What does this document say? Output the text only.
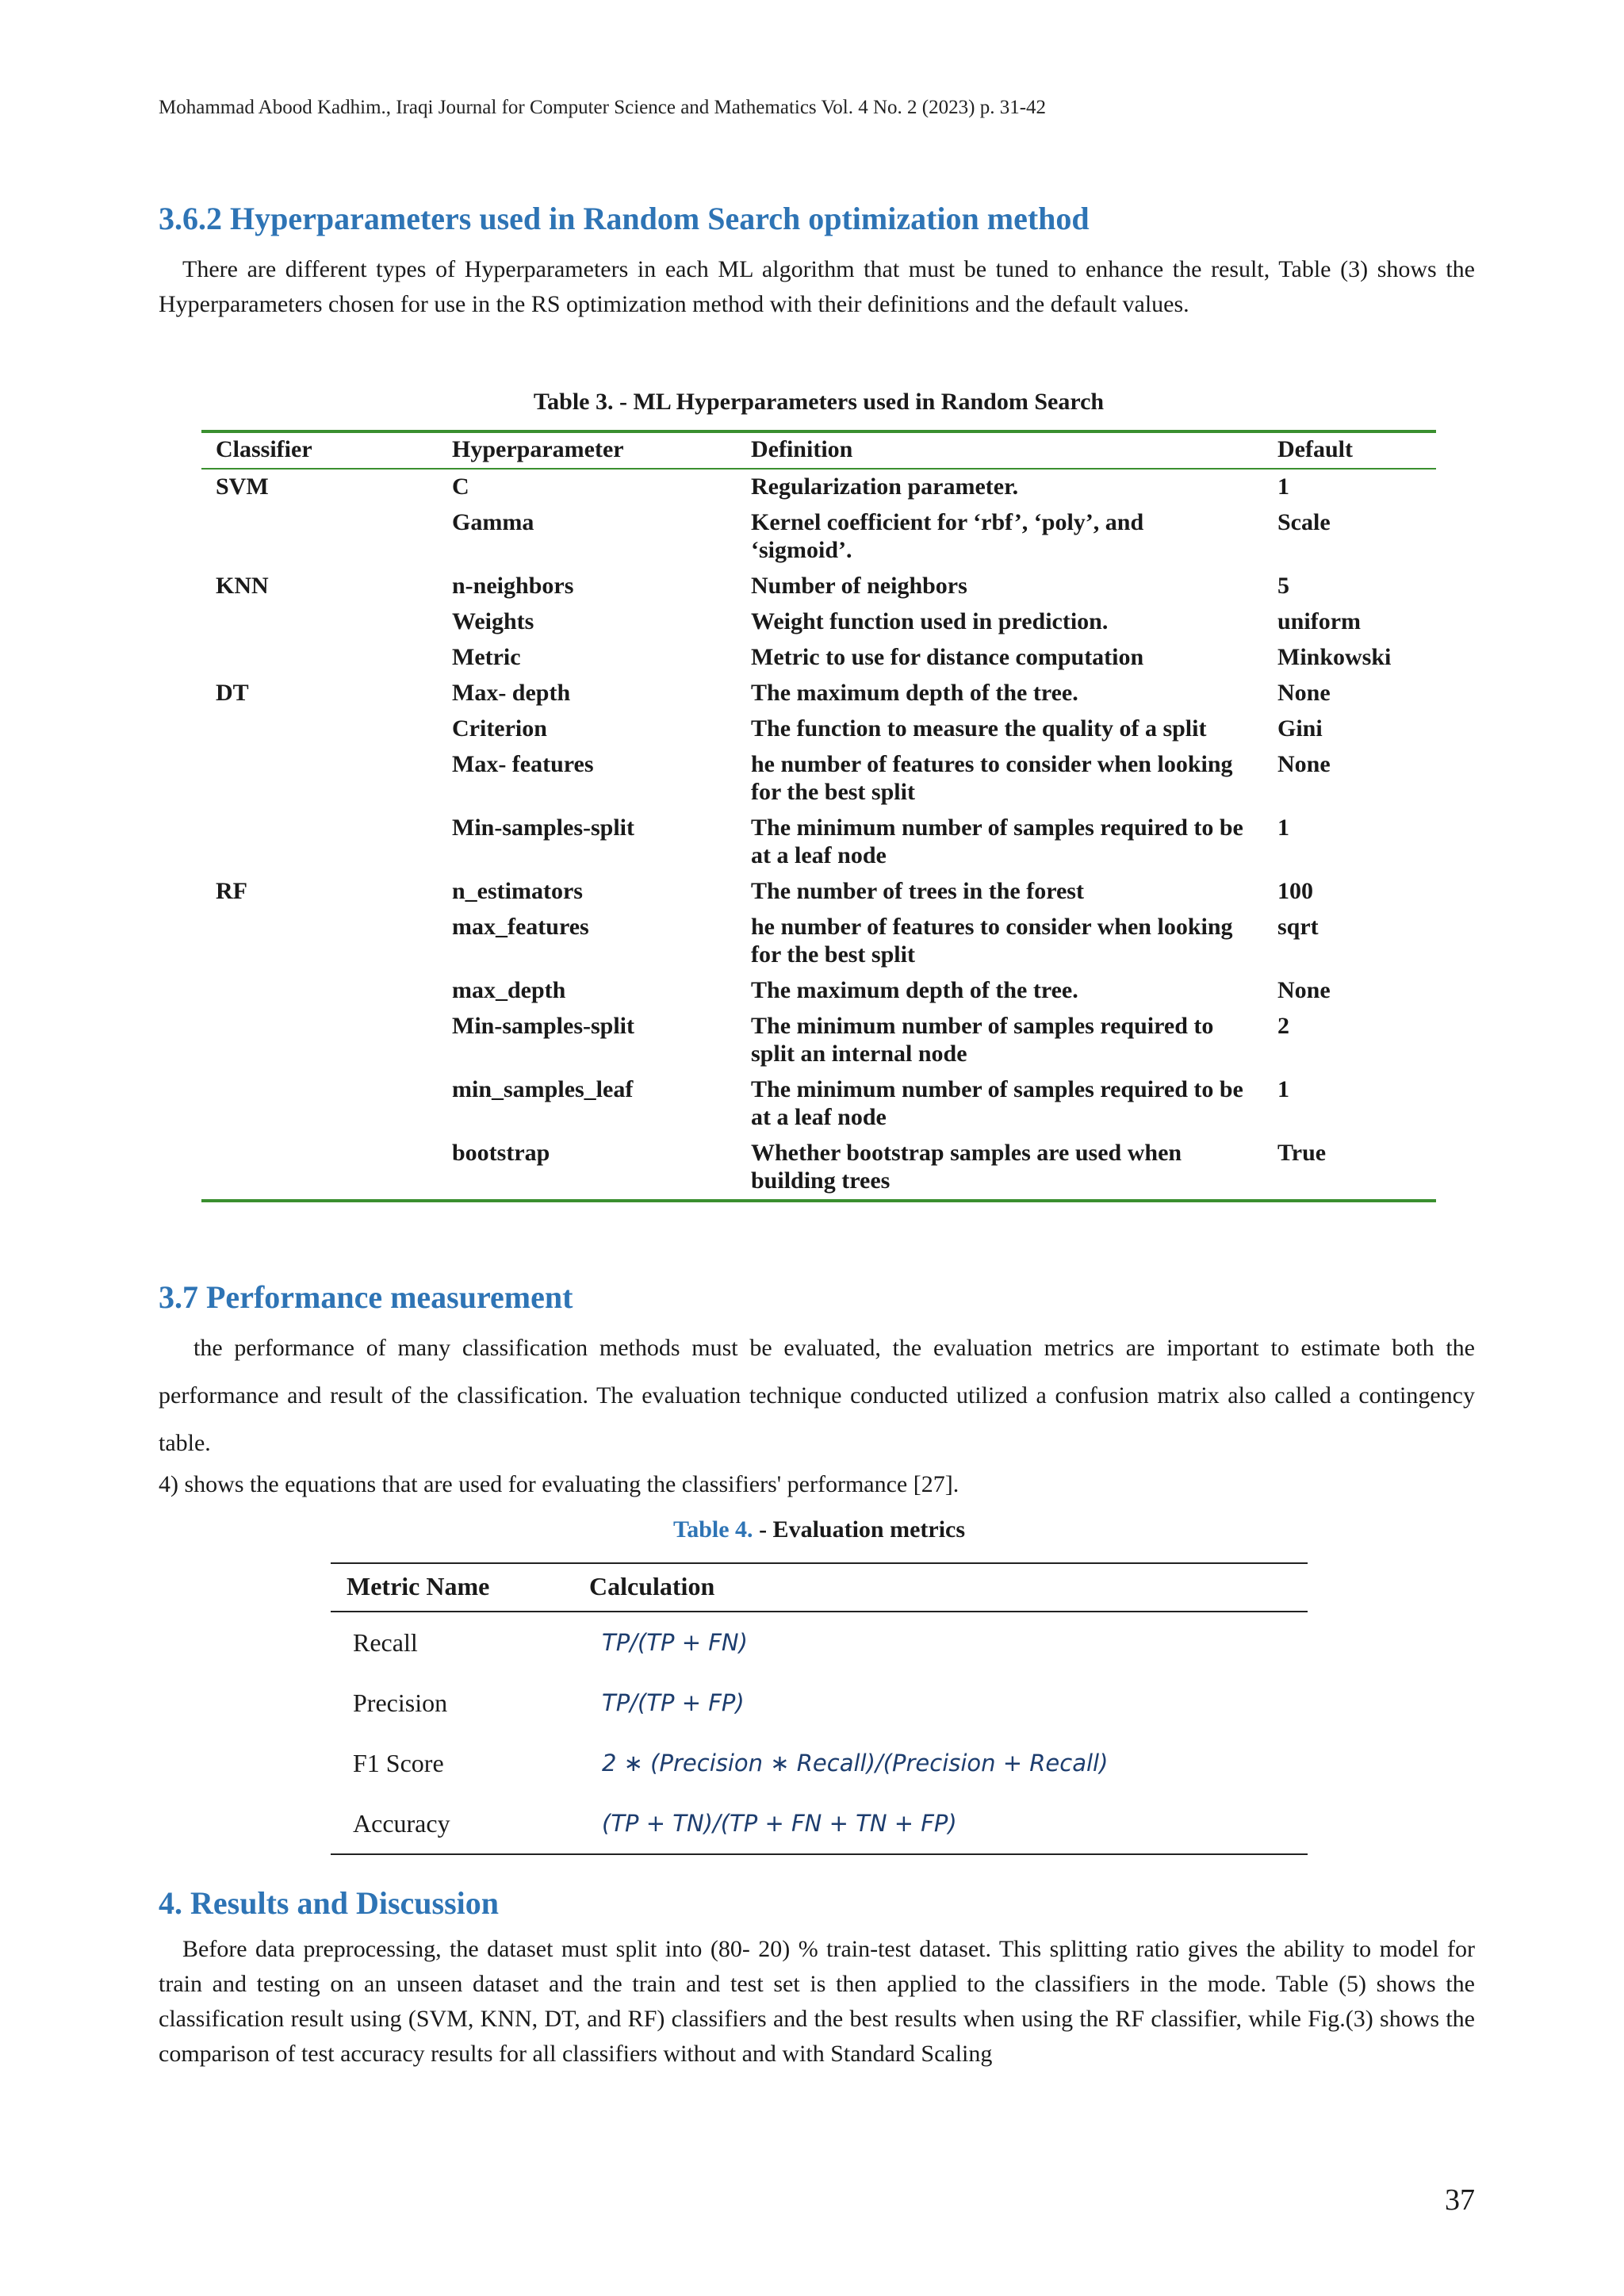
Mohammad Abood Kadhim., Iraqi Journal for Computer Science and Mathematics Vol. 4 No. 2 (2023) p. 31-42
3.6.2 Hyperparameters used in Random Search optimization method

There are different types of Hyperparameters in each ML algorithm that must be tuned to enhance the result, Table (3) shows the Hyperparameters chosen for use in the RS optimization method with their definitions and the default values.

Table 3. - ML Hyperparameters used in Random Search
Classifier	Hyperparameter	Definition	Default
SVM	C	Regularization parameter.	1
	Gamma	Kernel coefficient for ‘rbf’, ‘poly’, and ‘sigmoid’.	Scale
KNN	n-neighbors	Number of neighbors	5
	Weights	Weight function used in prediction.	uniform
	Metric	Metric to use for distance computation	Minkowski
DT	Max- depth	The maximum depth of the tree.	None
	Criterion	The function to measure the quality of a split	Gini
	Max- features	he number of features to consider when looking for the best split	None
	Min-samples-split	The minimum number of samples required to be at a leaf node	1
RF	n_estimators	The number of trees in the forest	100
	max_features	he number of features to consider when looking for the best split	sqrt
	max_depth	The maximum depth of the tree.	None
	Min-samples-split	The minimum number of samples required to split an internal node	2
	min_samples_leaf	The minimum number of samples required to be at a leaf node	1
	bootstrap	Whether bootstrap samples are used when building trees	True
3.7 Performance measurement

the performance of many classification methods must be evaluated, the evaluation metrics are important to estimate both the performance and result of the classification. The evaluation technique conducted utilized a confusion matrix also called a contingency table.

4) shows the equations that are used for evaluating the classifiers' performance [27].

Table 4. - Evaluation metrics
Metric Name	Calculation
Recall	TP/(TP + FN)
Precision	TP/(TP + FP)
F1 Score	2 ∗ (Precision ∗ Recall)/(Precision + Recall)
Accuracy	(TP + TN)/(TP + FN + TN + FP)
4. Results and Discussion

Before data preprocessing, the dataset must split into (80- 20) % train-test dataset. This splitting ratio gives the ability to model for train and testing on an unseen dataset and the train and test set is then applied to the classifiers in the mode. Table (5) shows the classification result using (SVM, KNN, DT, and RF) classifiers and the best results when using the RF classifier, while Fig.(3) shows the comparison of test accuracy results for all classifiers without and with Standard Scaling

37
